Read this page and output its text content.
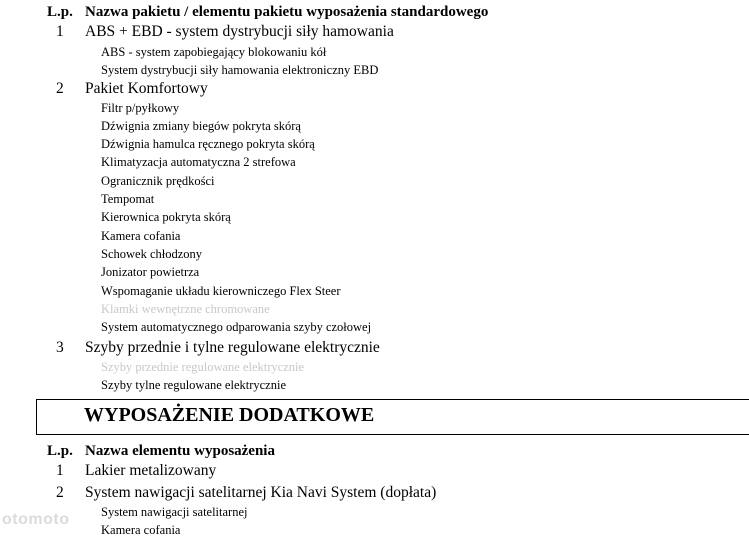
L.p. Nazwa pakietu / elementu pakietu wyposażenia standardowego
1 ABS + EBD - system dystrybucji siły hamowania
ABS - system zapobiegający blokowaniu kół
System dystrybucji siły hamowania elektroniczny EBD
2 Pakiet Komfortowy
Filtr p/pyłkowy
Dźwignia zmiany biegów pokryta skórą
Dźwignia hamulca ręcznego pokryta skórą
Klimatyzacja automatyczna 2 strefowa
Ogranicznik prędkości
Tempomat
Kierownica pokryta skórą
Kamera cofania
Schowek chłodzony
Jonizator powietrza
Wspomaganie układu kierowniczego Flex Steer
Klamki wewnętrzne chromowane
System automatycznego odparowania szyby czołowej
3 Szyby przednie i tylne regulowane elektrycznie
Szyby przednie regulowane elektrycznie
Szyby tylne regulowane elektrycznie
WYPOSAŻENIE DODATKOWE
L.p. Nazwa elementu wyposażenia
1 Lakier metalizowany
2 System nawigacji satelitarnej Kia Navi System (dopłata)
System nawigacji satelitarnej
Kamera cofania
otomoto
